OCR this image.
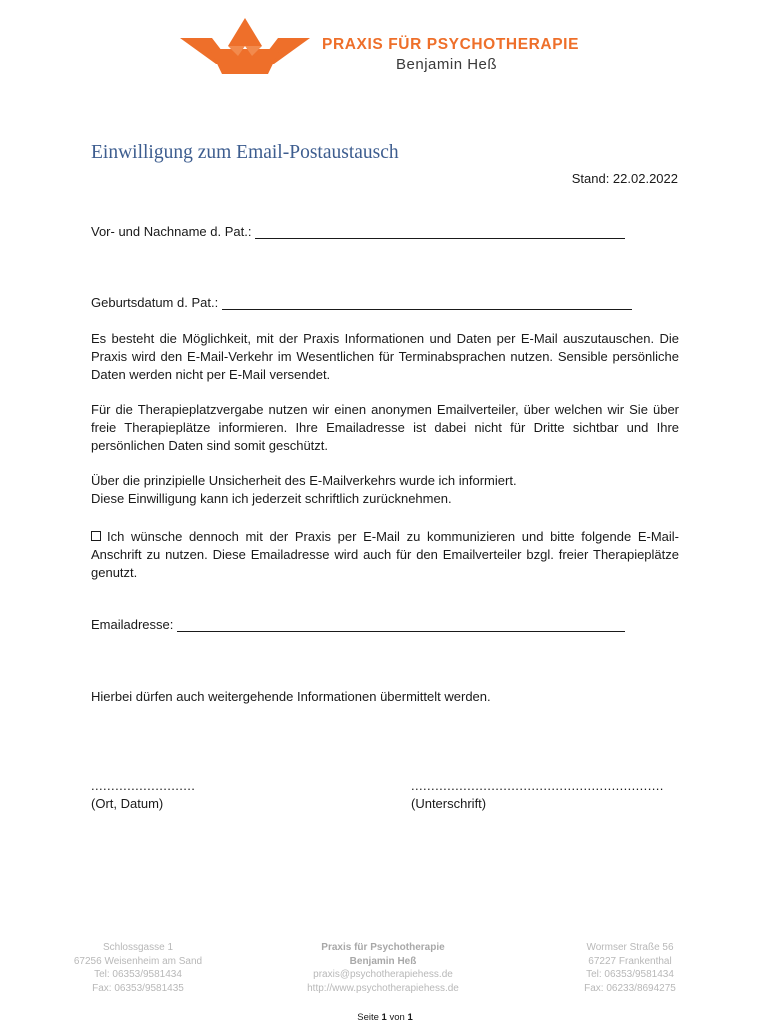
PRAXIS FÜR PSYCHOTHERAPIE
Benjamin Heß
Einwilligung zum Email-Postaustausch
Stand: 22.02.2022
Vor- und Nachname d. Pat.:
Geburtsdatum d. Pat.:
Es besteht die Möglichkeit, mit der Praxis Informationen und Daten per E-Mail auszutauschen. Die Praxis wird den E-Mail-Verkehr im Wesentlichen für Terminabsprachen nutzen. Sensible persönliche Daten werden nicht per E-Mail versendet.
Für die Therapieplatzvergabe nutzen wir einen anonymen Emailverteiler, über welchen wir Sie über freie Therapieplätze informieren. Ihre Emailadresse ist dabei nicht für Dritte sichtbar und Ihre persönlichen Daten sind somit geschützt.
Über die prinzipielle Unsicherheit des E-Mailverkehrs wurde ich informiert.
Diese Einwilligung kann ich jederzeit schriftlich zurücknehmen.
Ich wünsche dennoch mit der Praxis per E-Mail zu kommunizieren und bitte folgende E-Mail-Anschrift zu nutzen. Diese Emailadresse wird auch für den Emailverteiler bzgl. freier Therapieplätze genutzt.
Emailadresse:
Hierbei dürfen auch weitergehende Informationen übermittelt werden.
..........................
(Ort, Datum)
...............................................................
(Unterschrift)
Schlossgasse 1
67256 Weisenheim am Sand
Tel: 06353/9581434
Fax: 06353/9581435
Praxis für Psychotherapie
Benjamin Heß
praxis@psychotherapiehess.de
http://www.psychotherapiehess.de
Wormser Straße 56
67227 Frankenthal
Tel: 06353/9581434
Fax: 06233/8694275
Seite 1 von 1
